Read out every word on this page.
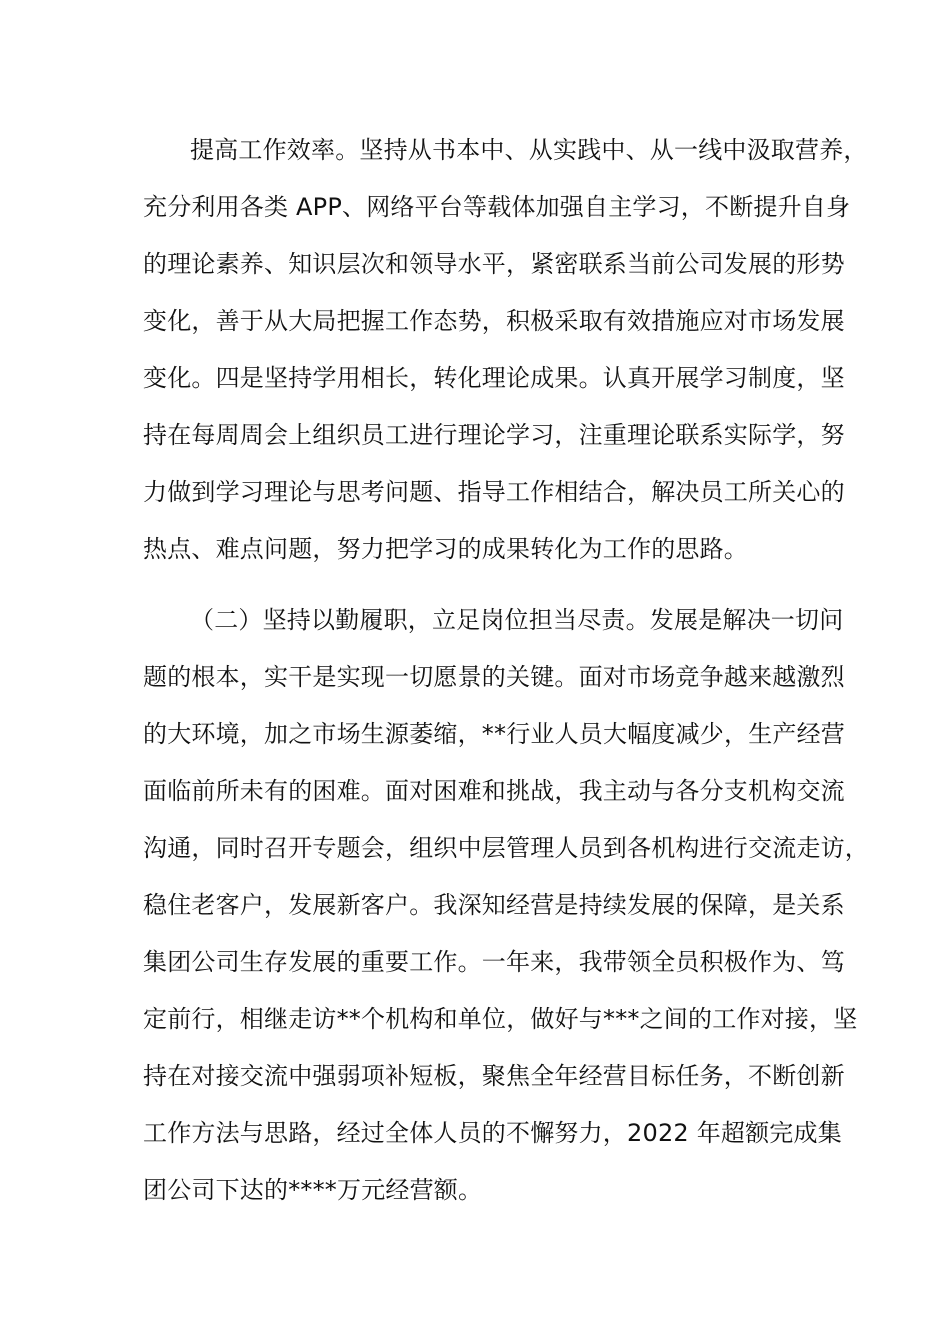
提高工作效率。坚持从书本中、从实践中、从一线中汲取营养，
充分利用各类 APP、网络平台等载体加强自主学习，不断提升自身
的理论素养、知识层次和领导水平，紧密联系当前公司发展的形势
变化，善于从大局把握工作态势，积极采取有效措施应对市场发展
变化。四是坚持学用相长，转化理论成果。认真开展学习制度，坚
持在每周周会上组织员工进行理论学习，注重理论联系实际学，努
力做到学习理论与思考问题、指导工作相结合，解决员工所关心的
热点、难点问题，努力把学习的成果转化为工作的思路。
（二）坚持以勤履职，立足岗位担当尽责。发展是解决一切问
题的根本，实干是实现一切愿景的关键。面对市场竞争越来越激烈
的大环境，加之市场生源萎缩，**行业人员大幅度减少，生产经营
面临前所未有的困难。面对困难和挑战，我主动与各分支机构交流
沟通，同时召开专题会，组织中层管理人员到各机构进行交流走访，
稳住老客户，发展新客户。我深知经营是持续发展的保障，是关系
集团公司生存发展的重要工作。一年来，我带领全员积极作为、笃
定前行，相继走访**个机构和单位，做好与***之间的工作对接，坚
持在对接交流中强弱项补短板，聚焦全年经营目标任务，不断创新
工作方法与思路，经过全体人员的不懈努力，2022 年超额完成集
团公司下达的****万元经营额。
